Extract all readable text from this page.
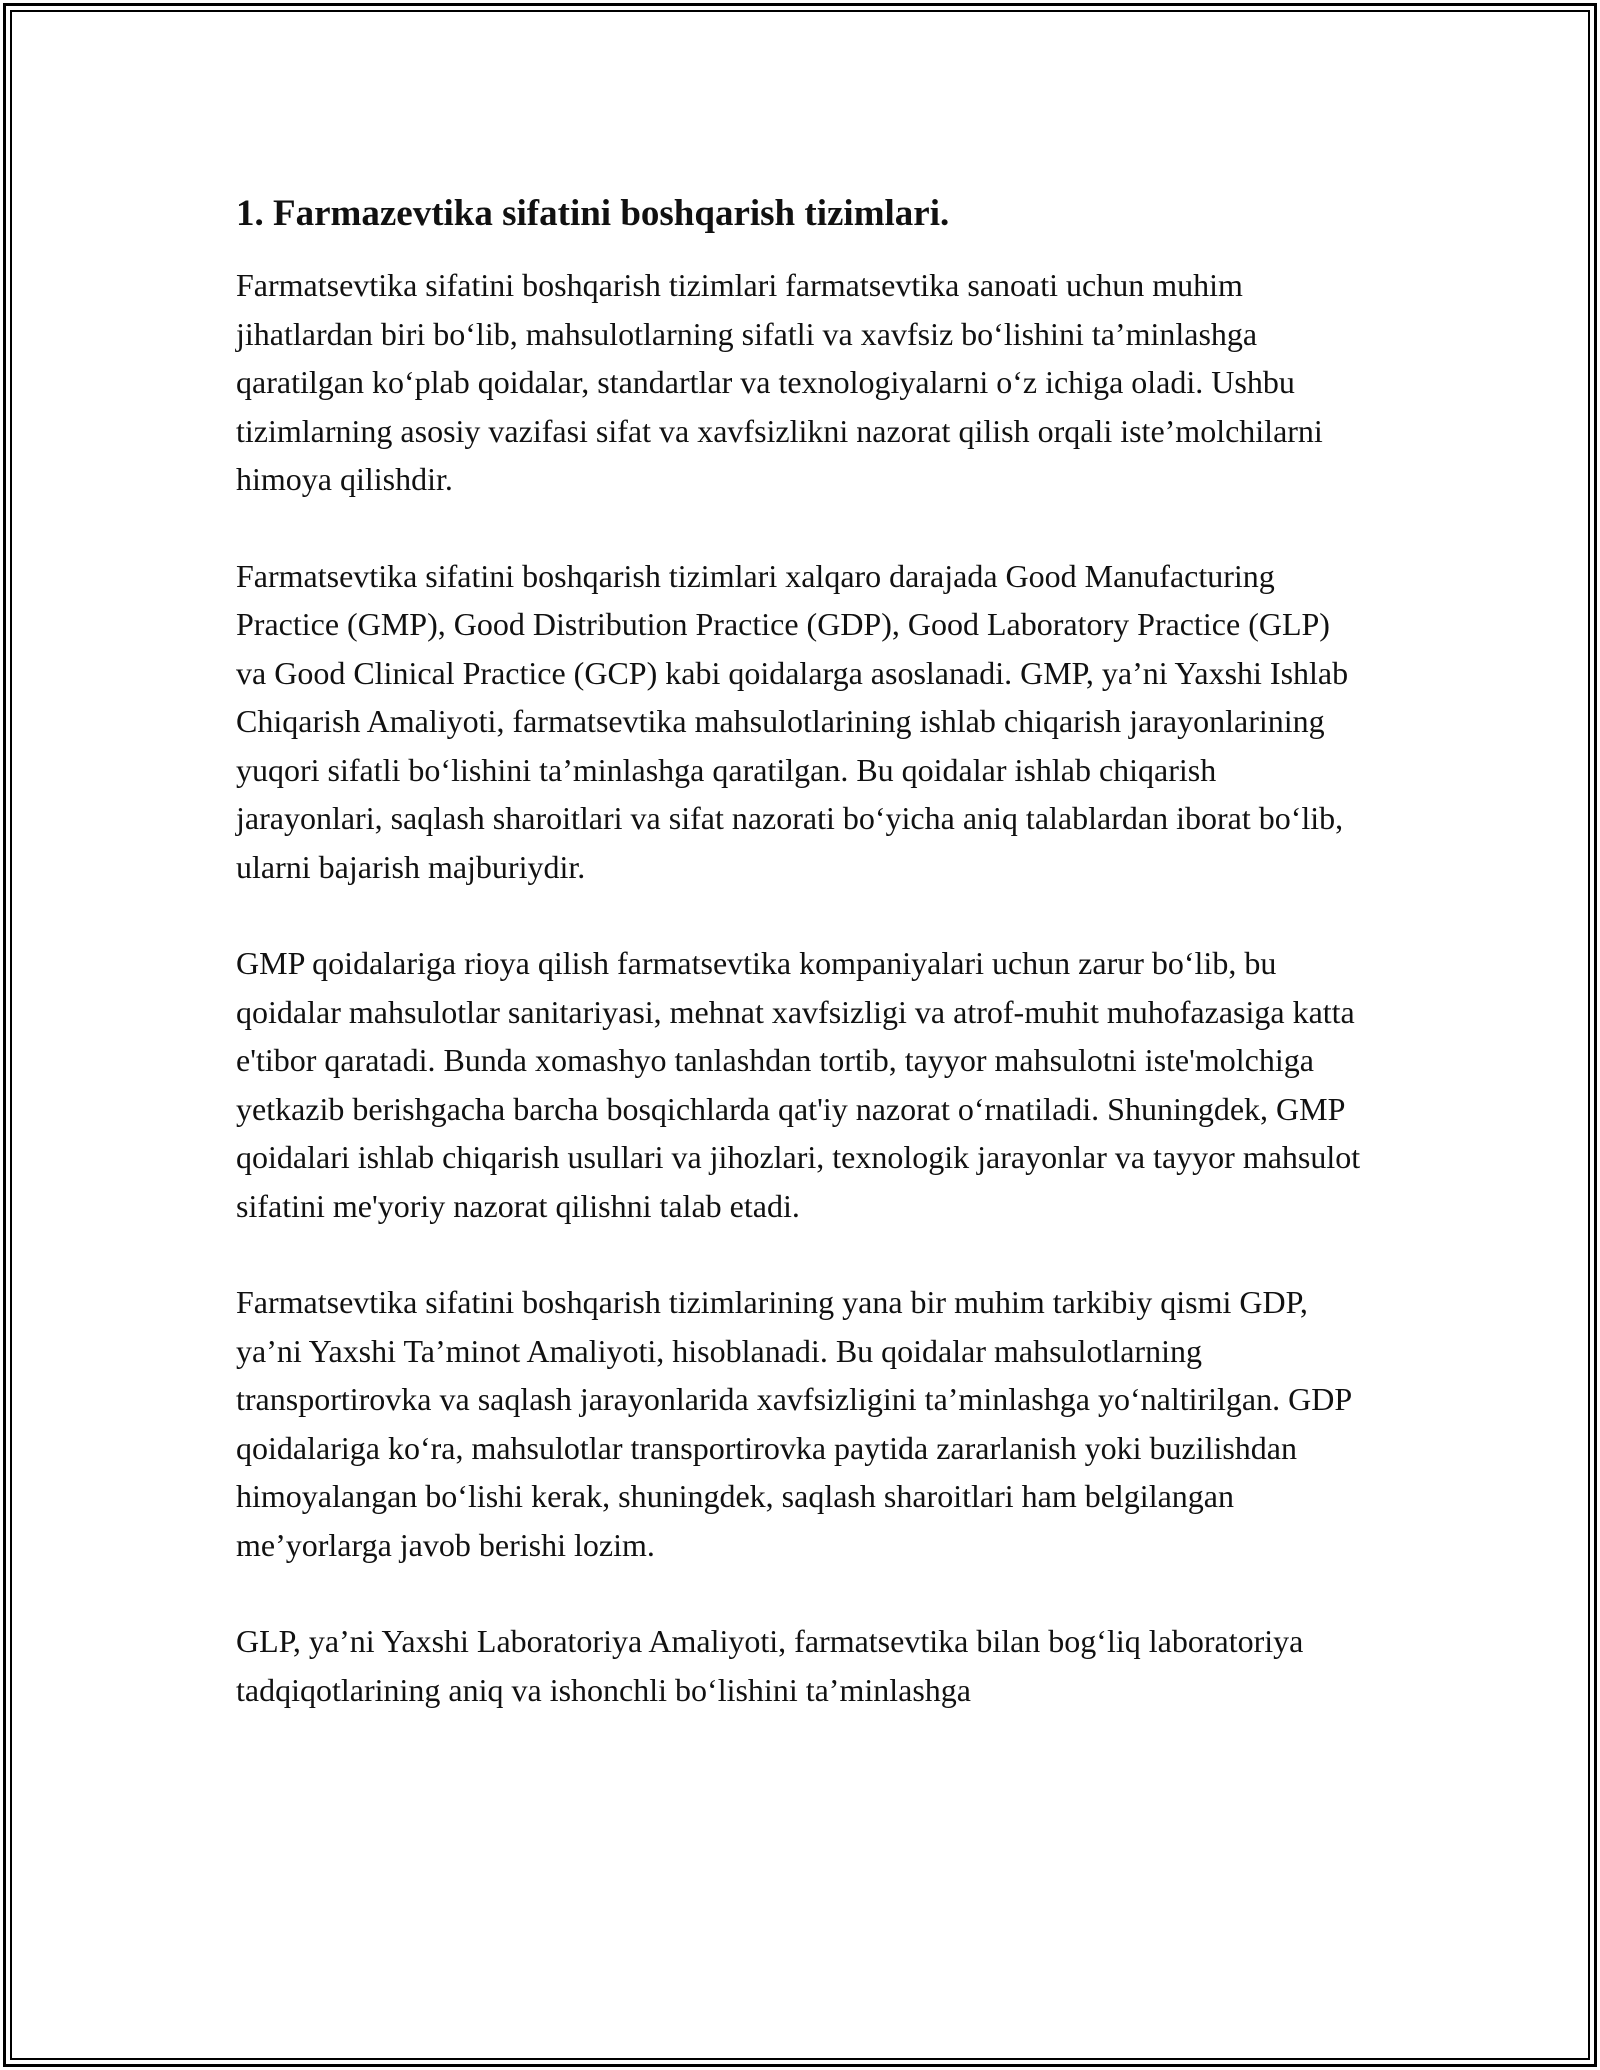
1. Farmazevtika sifatini boshqarish tizimlari.

Farmatsevtika sifatini boshqarish tizimlari farmatsevtika sanoati uchun muhim jihatlardan biri bo‘lib, mahsulotlarning sifatli va xavfsiz bo‘lishini ta’minlashga qaratilgan ko‘plab qoidalar, standartlar va texnologiyalarni o‘z ichiga oladi. Ushbu tizimlarning asosiy vazifasi sifat va xavfsizlikni nazorat qilish orqali iste’molchilarni himoya qilishdir.

Farmatsevtika sifatini boshqarish tizimlari xalqaro darajada Good Manufacturing Practice (GMP), Good Distribution Practice (GDP), Good Laboratory Practice (GLP) va Good Clinical Practice (GCP) kabi qoidalarga asoslanadi. GMP, ya’ni Yaxshi Ishlab Chiqarish Amaliyoti, farmatsevtika mahsulotlarining ishlab chiqarish jarayonlarining yuqori sifatli bo‘lishini ta’minlashga qaratilgan. Bu qoidalar ishlab chiqarish jarayonlari, saqlash sharoitlari va sifat nazorati bo‘yicha aniq talablardan iborat bo‘lib, ularni bajarish majburiydir.

GMP qoidalariga rioya qilish farmatsevtika kompaniyalari uchun zarur bo‘lib, bu qoidalar mahsulotlar sanitariyasi, mehnat xavfsizligi va atrof-muhit muhofazasiga katta e'tibor qaratadi. Bunda xomashyo tanlashdan tortib, tayyor mahsulotni iste'molchiga yetkazib berishgacha barcha bosqichlarda qat'iy nazorat o‘rnatiladi. Shuningdek, GMP qoidalari ishlab chiqarish usullari va jihozlari, texnologik jarayonlar va tayyor mahsulot sifatini me'yoriy nazorat qilishni talab etadi.

Farmatsevtika sifatini boshqarish tizimlarining yana bir muhim tarkibiy qismi GDP, ya’ni Yaxshi Ta’minot Amaliyoti, hisoblanadi. Bu qoidalar mahsulotlarning transportirovka va saqlash jarayonlarida xavfsizligini ta’minlashga yo‘naltirilgan. GDP qoidalariga ko‘ra, mahsulotlar transportirovka paytida zararlanish yoki buzilishdan himoyalangan bo‘lishi kerak, shuningdek, saqlash sharoitlari ham belgilangan me’yorlarga javob berishi lozim.

GLP, ya’ni Yaxshi Laboratoriya Amaliyoti, farmatsevtika bilan bog‘liq laboratoriya tadqiqotlarining aniq va ishonchli bo‘lishini ta’minlashga
